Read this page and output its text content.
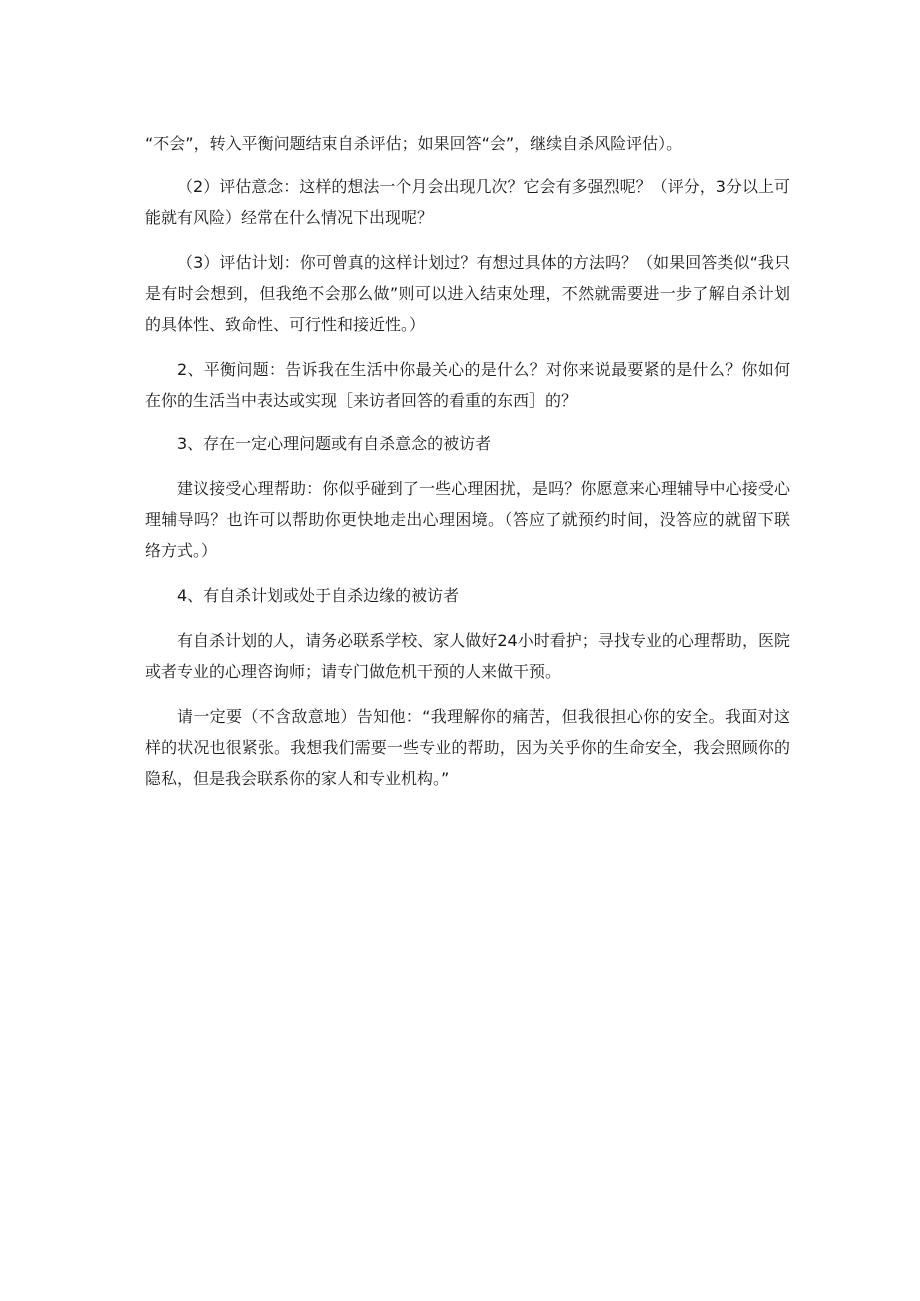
“不会”，转入平衡问题结束自杀评估；如果回答“会”，继续自杀风险评估）。

（2）评估意念：这样的想法一个月会出现几次？它会有多强烈呢？（评分，3分以上可能就有风险）经常在什么情况下出现呢？

（3）评估计划：你可曾真的这样计划过？有想过具体的方法吗？（如果回答类似“我只是有时会想到，但我绝不会那么做”则可以进入结束处理，不然就需要进一步了解自杀计划的具体性、致命性、可行性和接近性。）

2、平衡问题：告诉我在生活中你最关心的是什么？对你来说最要紧的是什么？你如何在你的生活当中表达或实现［来访者回答的看重的东西］的？

3、存在一定心理问题或有自杀意念的被访者

建议接受心理帮助：你似乎碰到了一些心理困扰，是吗？你愿意来心理辅导中心接受心理辅导吗？也许可以帮助你更快地走出心理困境。（答应了就预约时间，没答应的就留下联络方式。）

4、有自杀计划或处于自杀边缘的被访者

有自杀计划的人，请务必联系学校、家人做好24小时看护；寻找专业的心理帮助，医院或者专业的心理咨询师；请专门做危机干预的人来做干预。

请一定要（不含敌意地）告知他：“我理解你的痛苦，但我很担心你的安全。我面对这样的状况也很紧张。我想我们需要一些专业的帮助，因为关乎你的生命安全，我会照顾你的隐私，但是我会联系你的家人和专业机构。”
